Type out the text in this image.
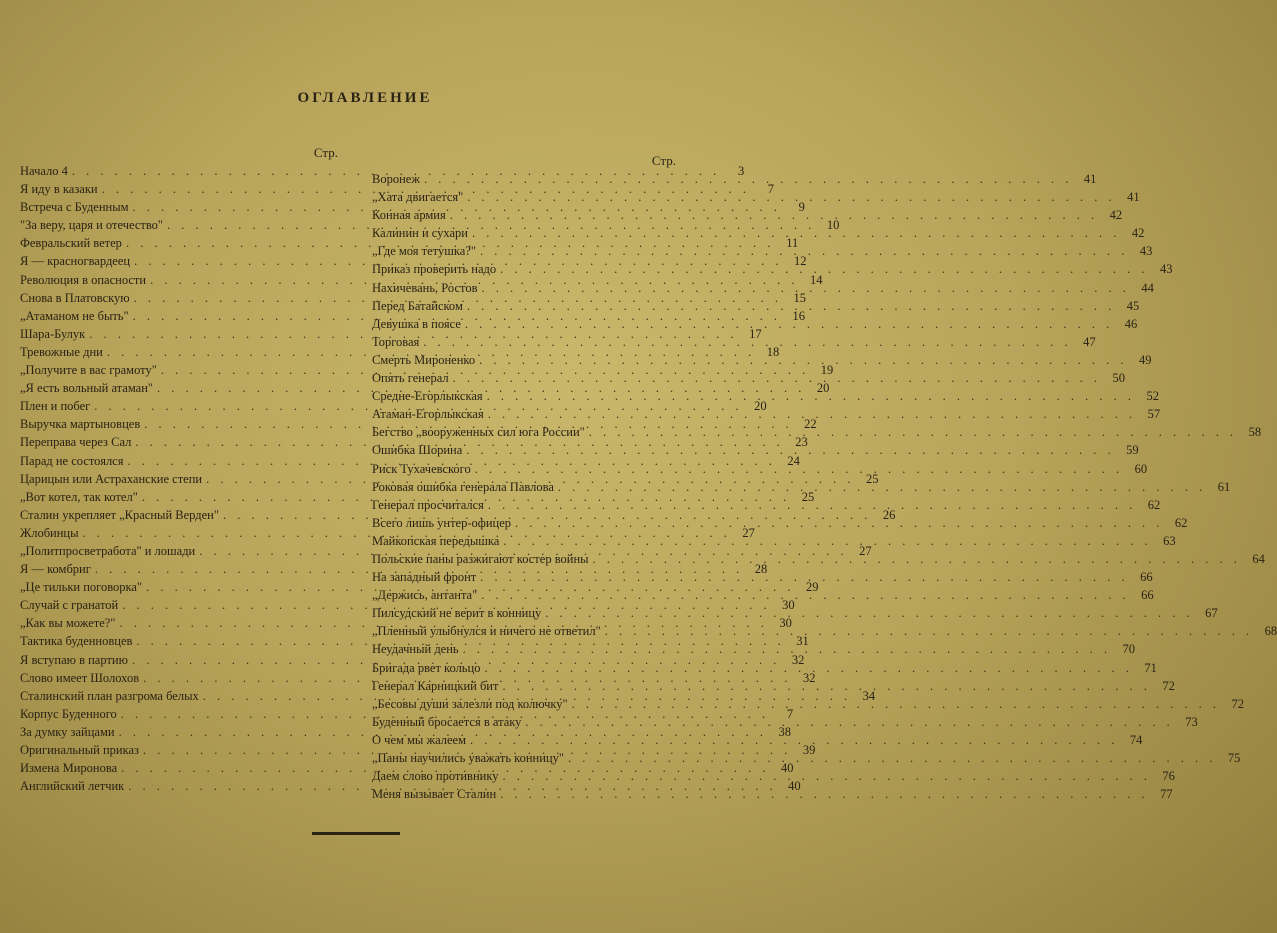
ОГЛАВЛЕНИЕ
Стр.
Начало 4 . . .	3
Я иду в казаки . . .	7
Встреча с Буденным . . .	9
"За веру, царя и отечество" . . .	10
Февральский ветер . . .	11
Я — красногвардеец . . .	12
Революция в опасности . . .	14
Снова в Платовскую . . .	15
„Атаманом не быть" . . .	16
Шара-Булук . . .	17
Тревожные дни . . .	18
„Получите в вас грамоту" . . .	19
„Я есть вольный атаман" . . .	20
Плен и побег . . .	20
Выручка мартыновцев . . .	22
Переправа через Сал . . .	23
Парад не состоялся . . .	24
Царицын или Астраханские степи . . .	25
„Вот котел, так котел" . . .	25
Сталин укрепляет „Красный Верден" . . .	26
Жлобинцы . . .	27
„Политпросветработа" и лошади . . .	27
Я — комбриг . . .	28
„Це тильки поговорка" . . .	29
Случай с гранатой . . .	30
„Как вы можете?" . . .	30
Тактика буденновцев . . .	31
Я вступаю в партию . . .	32
Слово имеет Шолохов . . .	32
Сталинский план разгрома белых . . .	34
Корпус Буденного . . .	7
За думку зайцами . . .	38
Оригинальный приказ . . .	39
Измена Миронова . . .	40
Английский летчик . . .	40
Стр.
Воронеж . . .	41
„Хата двигается" . . .	41
Конная армия . . .	42
Калинин и сухари . . .	42
„Где моя тетушка?" . . .	43
Приказ проверить надо . . .	43
Нахичевань, Ростов . . .	44
Перед Батайском . . .	45
Девушка в поясе . . .	46
Торговая . . .	47
Смерть Мироненко . . .	49
Опять генерал . . .	50
Средне-Егорлыкская . . .	52
Атаман-Егорлыкская . . .	57
Бегство „вооруженных сил юга России" . . .	58
Ошибка Шорина . . .	59
Риск Тухачевского . . .	60
Роковая ошибка генерала Павлова . . .	61
Генерал просчитался . . .	62
Всего лишь унтер-офицер . . .	62
Майкопская передышка . . .	63
Польские паны разжигают костер войны . . .	64
На западный фронт . . .	66
„Держись, антанта" . . .	66
Пилсудский не верит в конницу . . .	67
„Пленный улыбнулся и ничего не ответил" . . .	68
Неудачный день . . .	70
Бригада рвет кольцо . . .	71
Генерал Карницкий бит . . .	72
„Бесовы души залезли под колючку" . . .	72
Буденный бросается в атаку . . .	73
О чем мы жалеем . . .	74
„Паны научились уважать конницу" . . .	75
Даем слово противнику . . .	76
Меня вызывает Сталин . . .	77
